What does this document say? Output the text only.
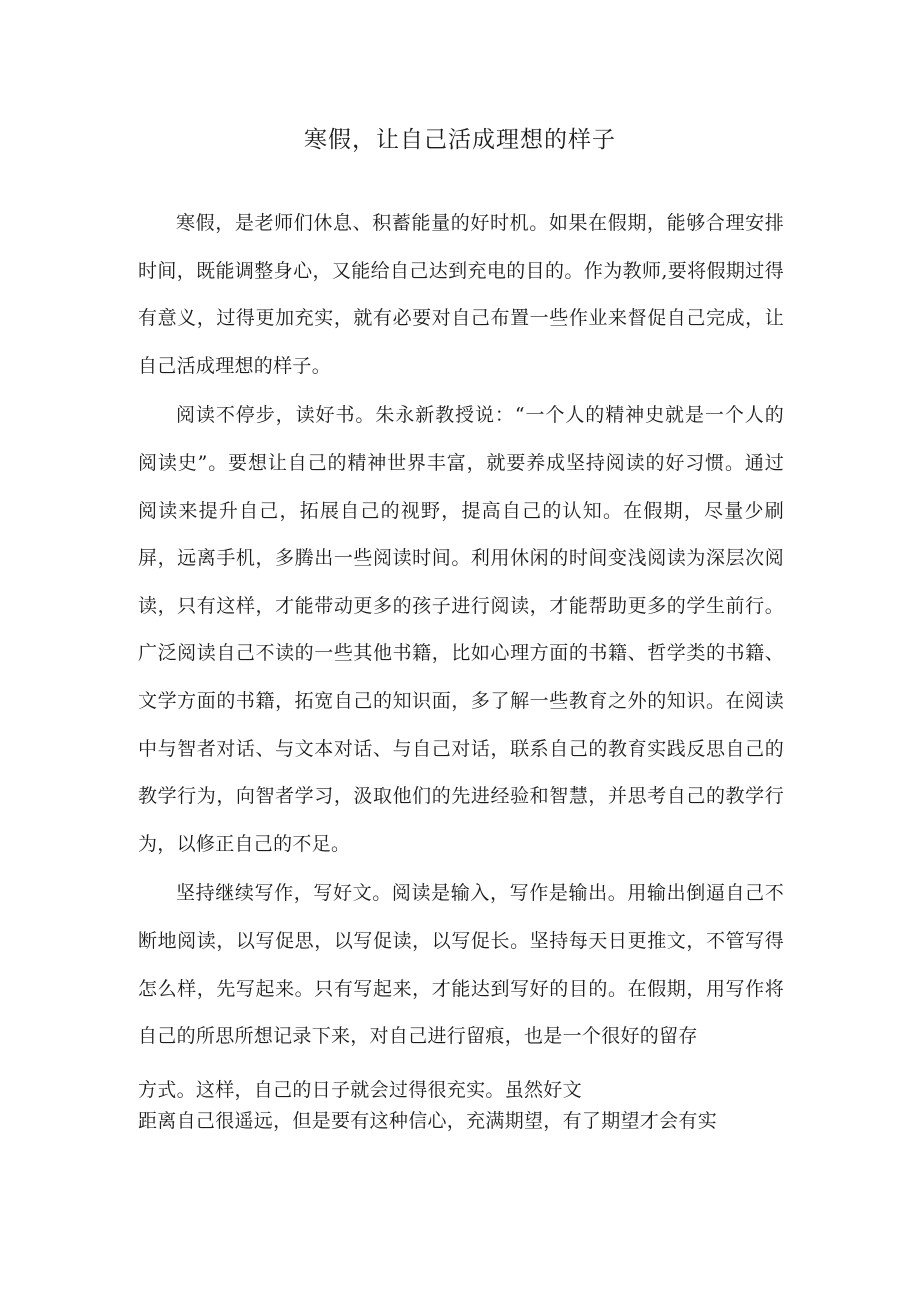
寒假，让自己活成理想的样子

寒假，是老师们休息、积蓄能量的好时机。如果在假期，能够合理安排时间，既能调整身心，又能给自己达到充电的目的。作为教师,要将假期过得有意义，过得更加充实，就有必要对自己布置一些作业来督促自己完成，让自己活成理想的样子。

阅读不停步，读好书。朱永新教授说：“一个人的精神史就是一个人的阅读史”。要想让自己的精神世界丰富，就要养成坚持阅读的好习惯。通过阅读来提升自己，拓展自己的视野，提高自己的认知。在假期，尽量少刷屏，远离手机，多腾出一些阅读时间。利用休闲的时间变浅阅读为深层次阅读，只有这样，才能带动更多的孩子进行阅读，才能帮助更多的学生前行。广泛阅读自己不读的一些其他书籍，比如心理方面的书籍、哲学类的书籍、文学方面的书籍，拓宽自己的知识面，多了解一些教育之外的知识。在阅读中与智者对话、与文本对话、与自己对话，联系自己的教育实践反思自己的教学行为，向智者学习，汲取他们的先进经验和智慧，并思考自己的教学行为，以修正自己的不足。

坚持继续写作，写好文。阅读是输入，写作是输出。用输出倒逼自己不断地阅读，以写促思，以写促读，以写促长。坚持每天日更推文，不管写得怎么样，先写起来。只有写起来，才能达到写好的目的。在假期，用写作将自己的所思所想记录下来，对自己进行留痕，也是一个很好的留存

方式。这样，自己的日子就会过得很充实。虽然好文
距离自己很遥远，但是要有这种信心，充满期望，有了期望才会有实
